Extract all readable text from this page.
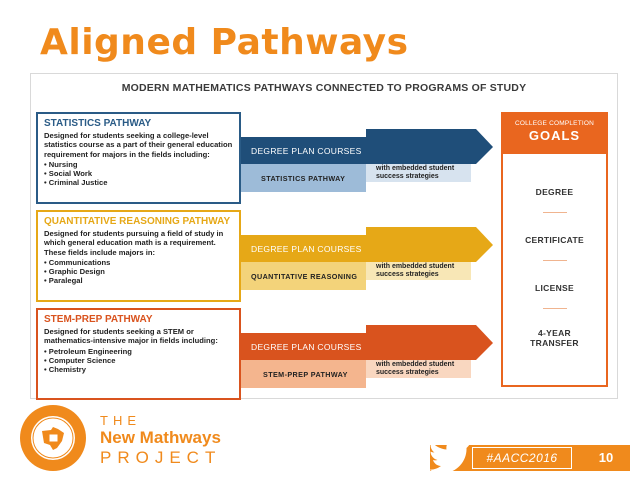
Aligned Pathways
MODERN MATHEMATICS PATHWAYS CONNECTED TO PROGRAMS OF STUDY
STATISTICS PATHWAY
Designed for students seeking a college-level statistics course as a part of their general education requirement for majors in the fields including:
• Nursing
• Social Work
• Criminal Justice
QUANTITATIVE REASONING PATHWAY
Designed for students pursuing a field of study in which general education math is a requirement. These fields include majors in:
• Communications
• Graphic Design
• Paralegal
STEM-PREP PATHWAY
Designed for students seeking a STEM or mathematics-intensive major in fields including:
• Petroleum Engineering
• Computer Science
• Chemistry
DEGREE PLAN COURSES
STATISTICS PATHWAY
with embedded student success strategies
DEGREE PLAN COURSES
QUANTITATIVE REASONING
with embedded student success strategies
DEGREE PLAN COURSES
STEM-PREP PATHWAY
with embedded student success strategies
COLLEGE COMPLETION
GOALS
DEGREE
CERTIFICATE
LICENSE
4-YEAR TRANSFER
THE
New Mathways
PROJECT	#AACC2016	10
